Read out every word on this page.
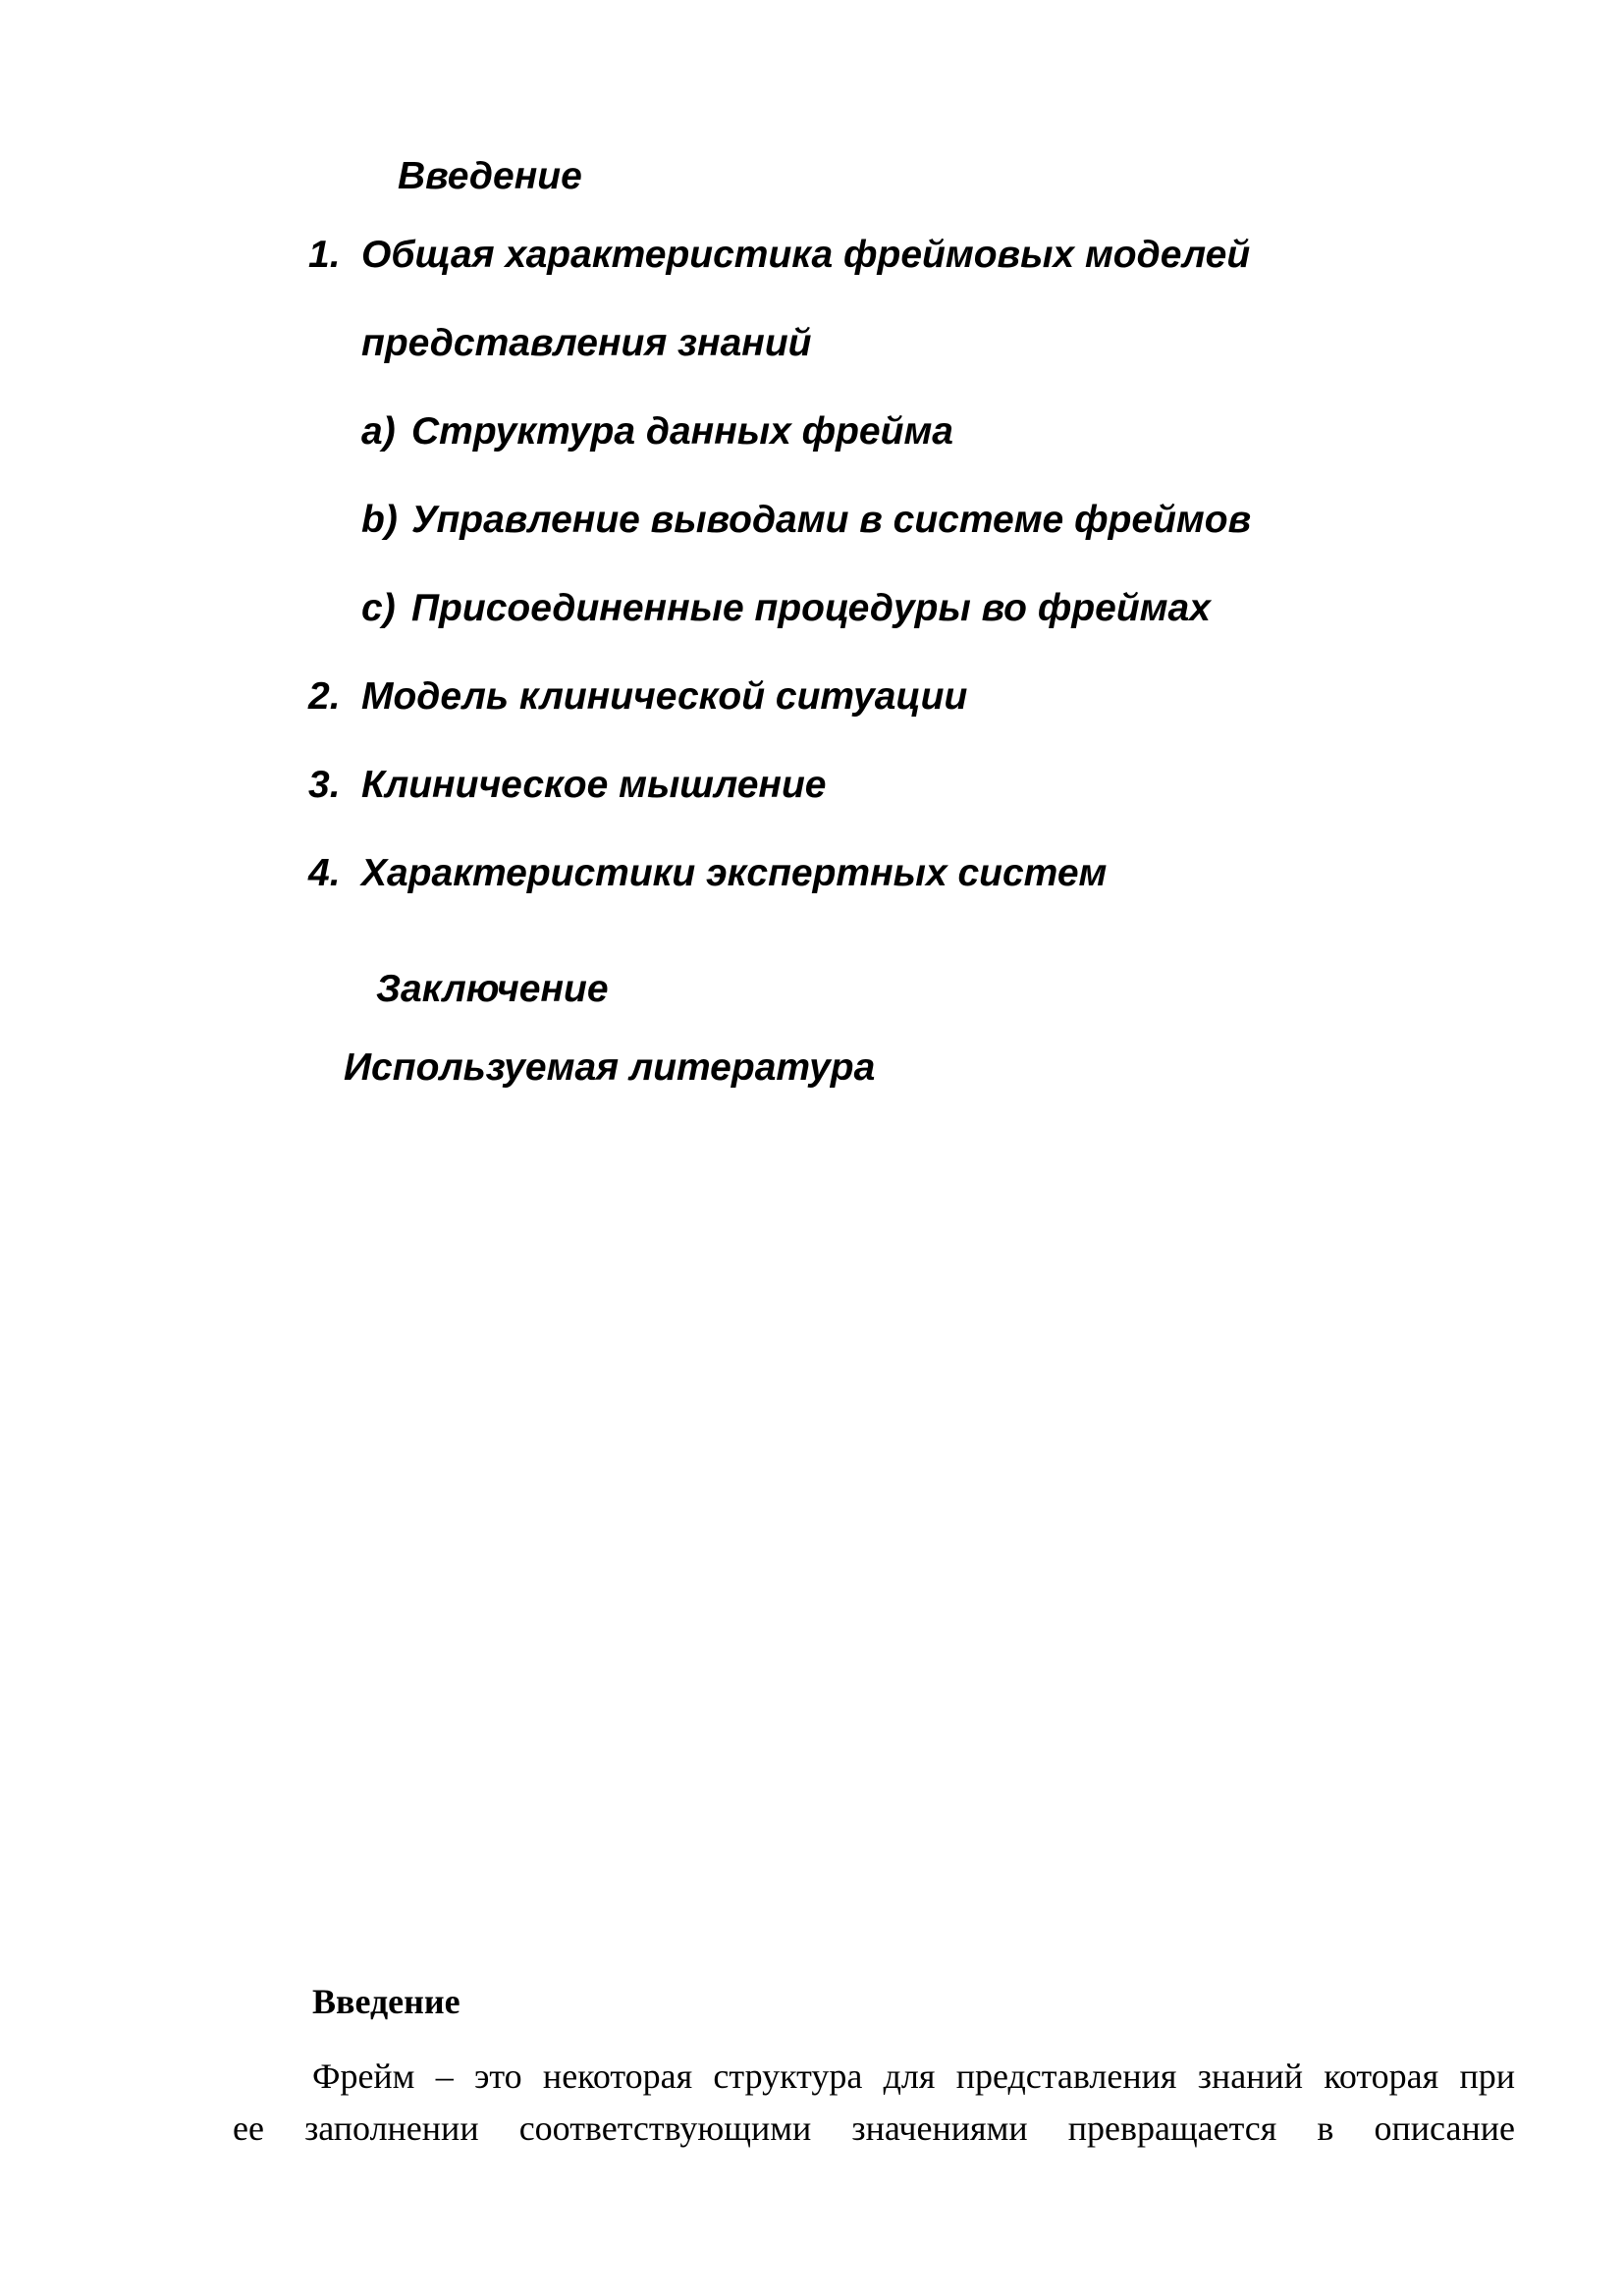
Введение
1. Общая характеристика фреймовых моделей
представления знаний
a) Структура данных фрейма
b) Управление выводами в системе фреймов
c) Присоединенные процедуры во фреймах
2. Модель клинической ситуации
3. Клиническое мышление
4. Характеристики экспертных систем
Заключение
Используемая литература
Введение
Фрейм – это некоторая структура для представления знаний которая при
ее заполнении соответствующими значениями превращается в описание
